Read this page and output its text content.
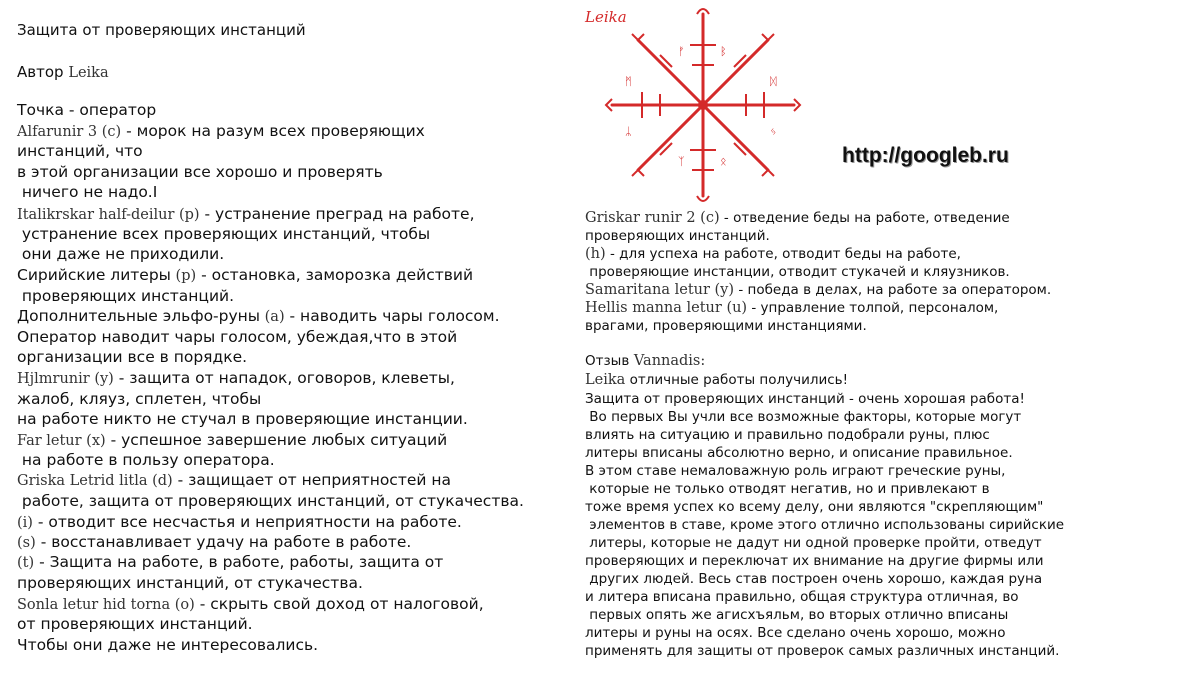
Защита от проверяющих инстанций
Автор Leika
Точка - оператор
Alfarunir 3 (c) - морок на разум всех проверяющих
инстанций, что
в этой организации все хорошо и проверять
ничего не надо.I
Italikrskar half-deilur (p) - устранение преград на работе,
устранение всех проверяющих инстанций, чтобы
они даже не приходили.
Сирийские литеры (p) - остановка, заморозка действий
проверяющих инстанций.
Дополнительные эльфо-руны (a) - наводить чары голосом.
Оператор наводит чары голосом, убеждая,что в этой
организации все в порядке.
Hjlmrunir (y) - защита от нападок, оговоров, клеветы,
жалоб, кляуз, сплетен, чтобы
на работе никто не стучал в проверяющие инстанции.
Far letur (x) - успешное завершение любых ситуаций
на работе в пользу оператора.
Griska Letrid litla (d) - защищает от неприятностей на
работе, защита от проверяющих инстанций, от стукачества.
(i) - отводит все несчастья и неприятности на работе.
(s) - восстанавливает удачу на работе в работе.
(t) - Защита на работе, в работе, работы, защита от
проверяющих инстанций, от стукачества.
Sonla letur hid torna (o) - скрыть свой доход от налоговой,
от проверяющих инстанций.
Чтобы они даже не интересовались.
Leika
ᚠ	ᛒ
ᛉ	ᛟ
ᛗ	ᛞ
ᛦ	ᛃ
http://googleb.ru
Griskar runir 2 (c) - отведение беды на работе, отведение
проверяющих инстанций.
(h) - для успеха на работе, отводит беды на работе,
проверяющие инстанции, отводит стукачей и кляузников.
Samaritana letur (y) - победа в делах, на работе за оператором.
Hellis manna letur (u) - управление толпой, персоналом,
врагами, проверяющими инстанциями.
Отзыв Vannadis:
Leika отличные работы получились!
Защита от проверяющих инстанций - очень хорошая работа!
Во первых Вы учли все возможные факторы, которые могут
влиять на ситуацию и правильно подобрали руны, плюс
литеры вписаны абсолютно верно, и описание правильное.
В этом ставе немаловажную роль играют греческие руны,
которые не только отводят негатив, но и привлекают в
тоже время успех ко всему делу, они являются "скрепляющим"
элементов в ставе, кроме этого отлично использованы сирийские
литеры, которые не дадут ни одной проверке пройти, отведут
проверяющих и переключат их внимание на другие фирмы или
других людей. Весь став построен очень хорошо, каждая руна
и литера вписана правильно, общая структура отличная, во
первых опять же агисхъяльм, во вторых отлично вписаны
литеры и руны на осях. Все сделано очень хорошо, можно
применять для защиты от проверок самых различных инстанций.
